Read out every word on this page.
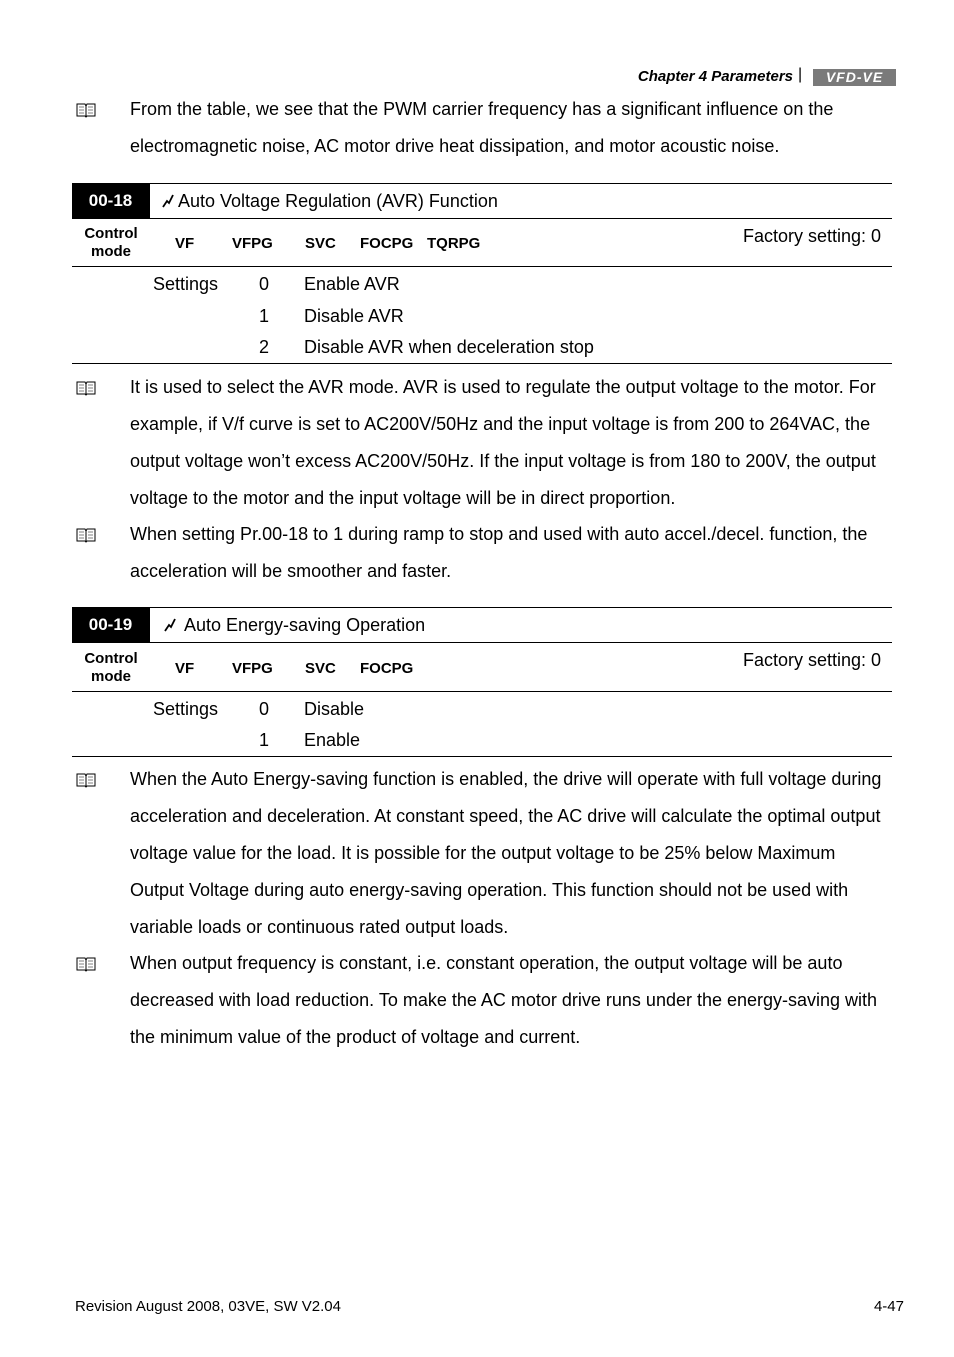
Chapter 4 Parameters |	VFD-VE
From the table, we see that the PWM carrier frequency has a significant influence on the
electromagnetic noise, AC motor drive heat dissipation, and motor acoustic noise.
00-18	Auto Voltage Regulation (AVR) Function
Control
mode	VF	VFPG SVC FOCPG TQRPG	Factory setting: 0
Settings 0 Enable AVR
1 Disable AVR
2 Disable AVR when deceleration stop
It is used to select the AVR mode. AVR is used to regulate the output voltage to the motor. For
example, if V/f curve is set to AC200V/50Hz and the input voltage is from 200 to 264VAC, the
output voltage won’t excess AC200V/50Hz. If the input voltage is from 180 to 200V, the output
voltage to the motor and the input voltage will be in direct proportion.
When setting Pr.00-18 to 1 during ramp to stop and used with auto accel./decel. function, the
acceleration will be smoother and faster.
00-19	Auto Energy-saving Operation
Control
mode	VF	VFPG SVC FOCPG	Factory setting: 0
Settings 0 Disable
1 Enable
When the Auto Energy-saving function is enabled, the drive will operate with full voltage during
acceleration and deceleration. At constant speed, the AC drive will calculate the optimal output
voltage value for the load. It is possible for the output voltage to be 25% below Maximum
Output Voltage during auto energy-saving operation. This function should not be used with
variable loads or continuous rated output loads.
When output frequency is constant, i.e. constant operation, the output voltage will be auto
decreased with load reduction. To make the AC motor drive runs under the energy-saving with
the minimum value of the product of voltage and current.
Revision August 2008, 03VE, SW V2.04	4-47
